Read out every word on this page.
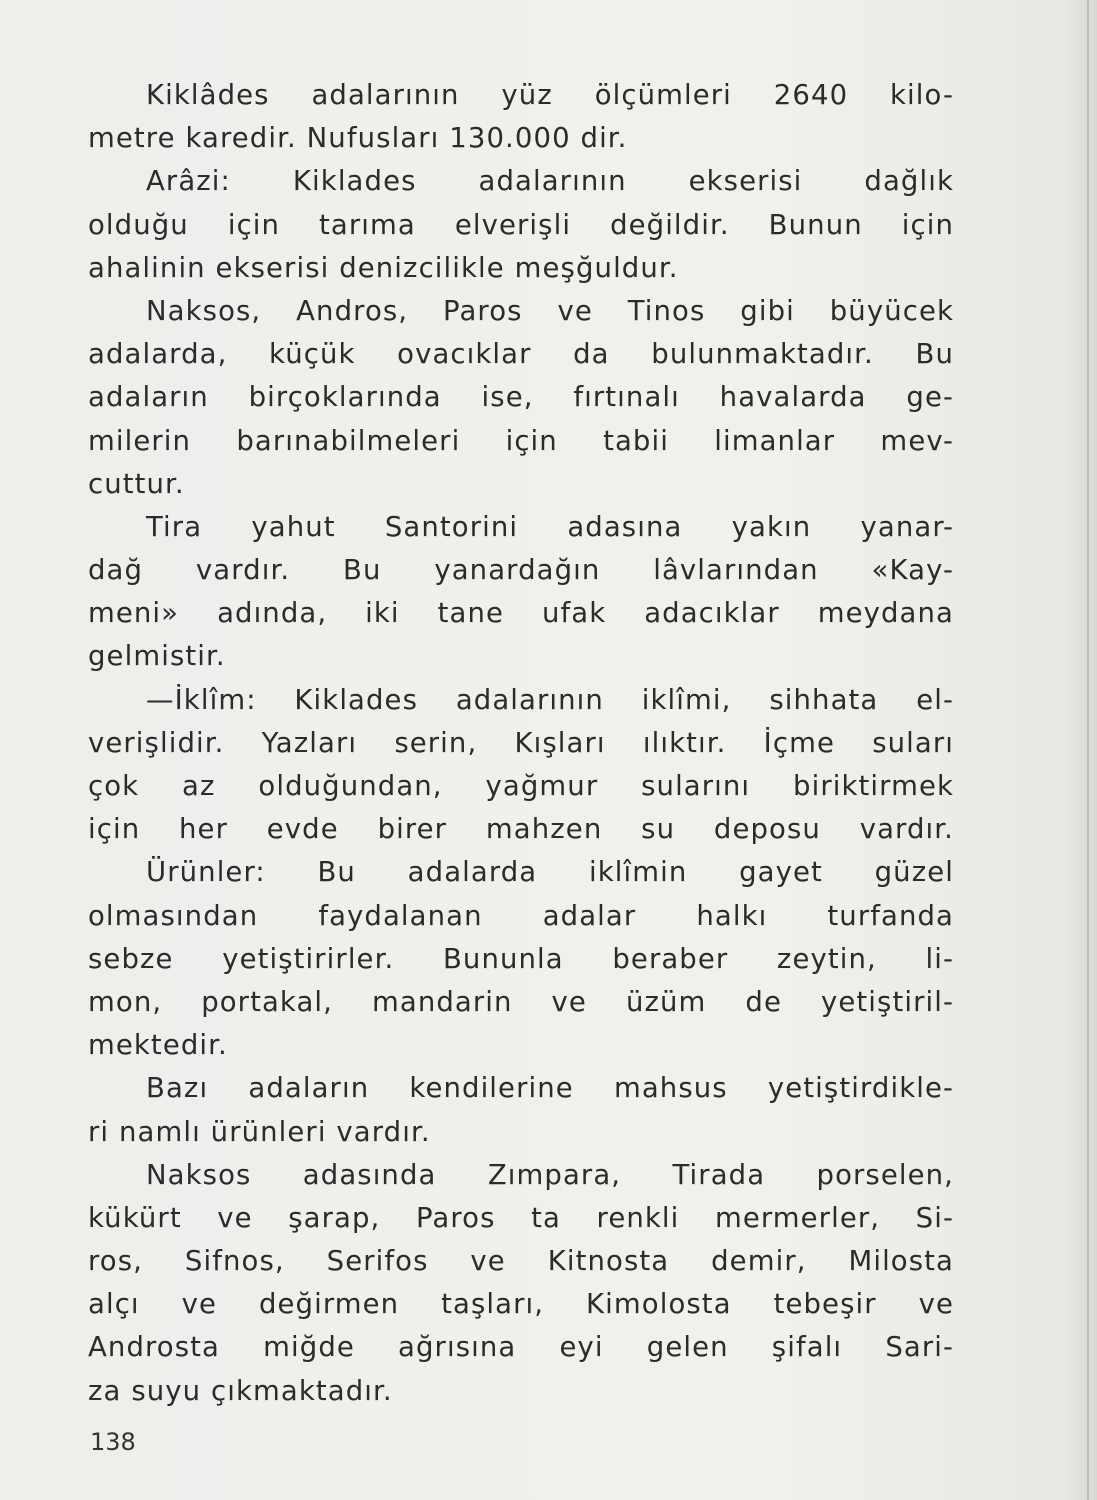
Kiklâdes adalarının yüz ölçümleri 2640 kilo-
metre karedir. Nufusları 130.000 dir.
Arâzi: Kiklades adalarının ekserisi dağlık
olduğu için tarıma elverişli değildir. Bunun için
ahalinin ekserisi denizcilikle meşğuldur.
Naksos, Andros, Paros ve Tinos gibi büyücek
adalarda, küçük ovacıklar da bulunmaktadır. Bu
adaların birçoklarında ise, fırtınalı havalarda ge-
milerin barınabilmeleri için tabii limanlar mev-
cuttur.
Tira yahut Santorini adasına yakın yanar-
dağ vardır. Bu yanardağın lâvlarından «Kay-
meni» adında, iki tane ufak adacıklar meydana
gelmistir.
—İklîm: Kiklades adalarının iklîmi, sihhata el-
verişlidir. Yazları serin, Kışları ılıktır. İçme suları
çok az olduğundan, yağmur sularını biriktirmek
için her evde birer mahzen su deposu vardır.
Ürünler: Bu adalarda iklîmin gayet güzel
olmasından faydalanan adalar halkı turfanda
sebze yetiştirirler. Bununla beraber zeytin, li-
mon, portakal, mandarin ve üzüm de yetiştiril-
mektedir.
Bazı adaların kendilerine mahsus yetiştirdikle-
ri namlı ürünleri vardır.
Naksos adasında Zımpara, Tirada porselen,
kükürt ve şarap, Paros ta renkli mermerler, Si-
ros, Sifnos, Serifos ve Kitnosta demir, Milosta
alçı ve değirmen taşları, Kimolosta tebeşir ve
Androsta miğde ağrısına eyi gelen şifalı Sari-
za suyu çıkmaktadır.
138
